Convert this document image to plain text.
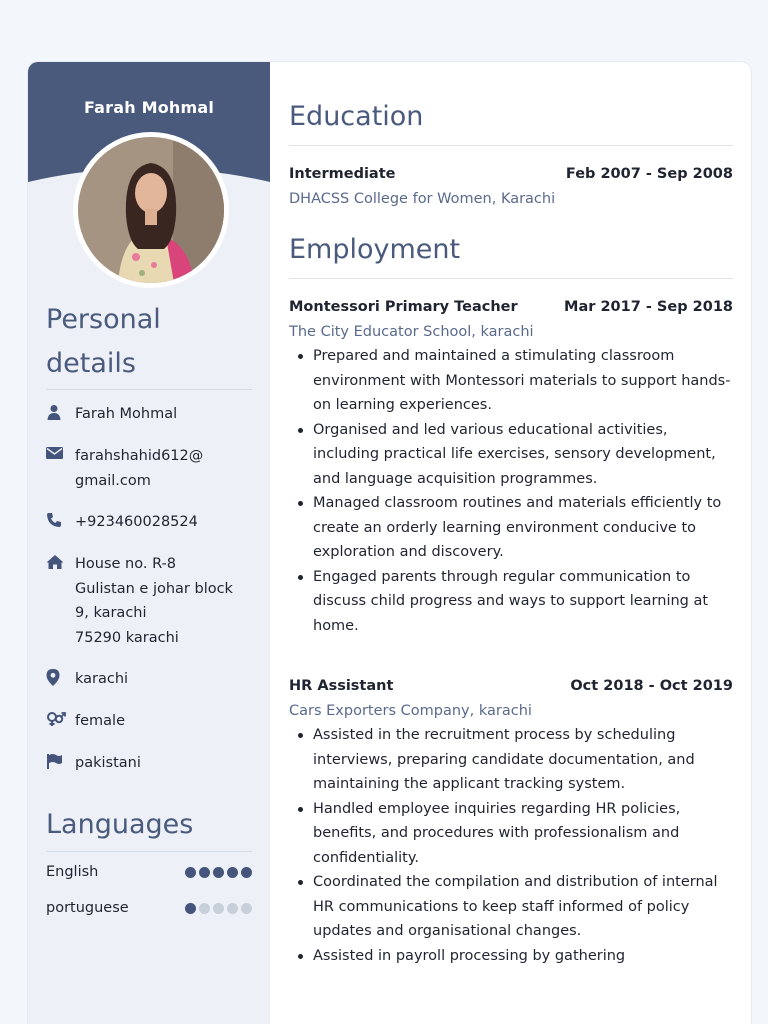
Farah Mohmal
Personal
details
Farah Mohmal
farahshahid612@
gmail.com
+923460028524
House no. R-8
Gulistan e johar block
9, karachi
75290 karachi
karachi
female
pakistani
Languages
English
portuguese
Education
Intermediate	Feb 2007 - Sep 2008
DHACSS College for Women, Karachi
Employment
Montessori Primary Teacher	Mar 2017 - Sep 2018
The City Educator School, karachi
Prepared and maintained a stimulating classroom environment with Montessori materials to support hands-on learning experiences.
Organised and led various educational activities, including practical life exercises, sensory development, and language acquisition programmes.
Managed classroom routines and materials efficiently to create an orderly learning environment conducive to exploration and discovery.
Engaged parents through regular communication to discuss child progress and ways to support learning at home.
HR Assistant	Oct 2018 - Oct 2019
Cars Exporters Company, karachi
Assisted in the recruitment process by scheduling interviews, preparing candidate documentation, and maintaining the applicant tracking system.
Handled employee inquiries regarding HR policies, benefits, and procedures with professionalism and confidentiality.
Coordinated the compilation and distribution of internal HR communications to keep staff informed of policy updates and organisational changes.
Assisted in payroll processing by gathering
